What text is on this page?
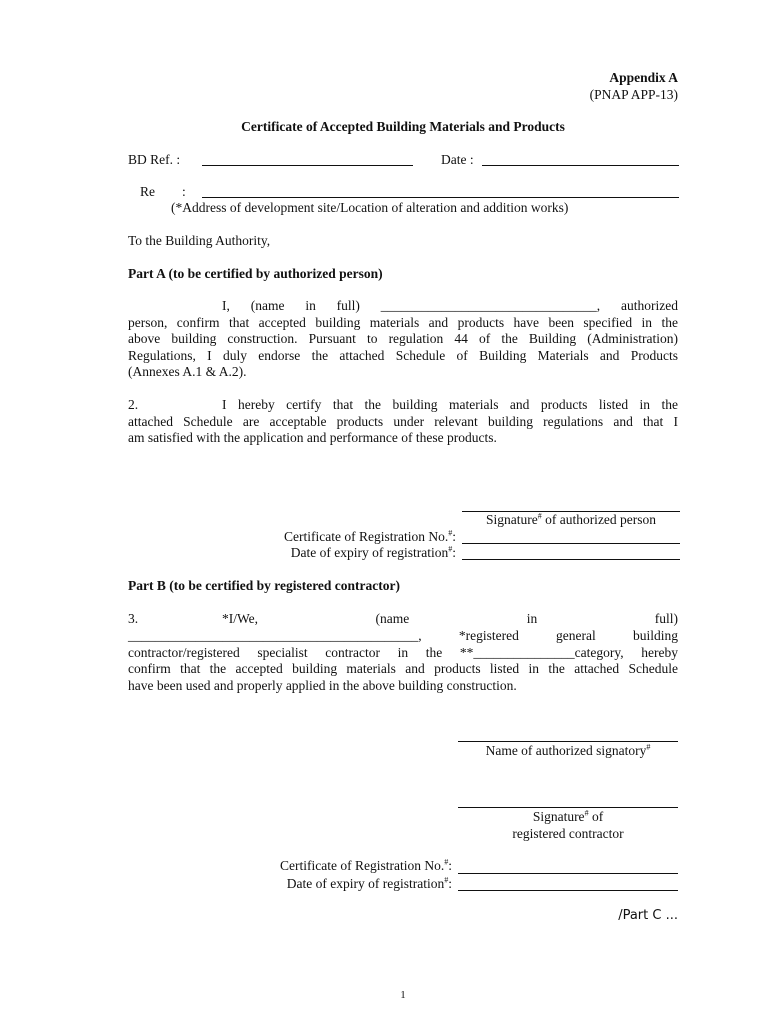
Appendix A
(PNAP APP-13)
Certificate of Accepted Building Materials and Products
BD Ref. :	Date :
Re :
(*Address of development site/Location of alteration and addition works)
To the Building Authority,
Part A (to be certified by authorized person)
I, (name in full) ________________________________, authorized
person, confirm that accepted building materials and products have been specified in the
above building construction. Pursuant to regulation 44 of the Building (Administration)
Regulations, I duly endorse the attached Schedule of Building Materials and Products
(Annexes A.1 & A.2).
2.	I hereby certify that the building materials and products listed in the
attached Schedule are acceptable products under relevant building regulations and that I
am satisfied with the application and performance of these products.
Signature# of authorized person
Certificate of Registration No.#:
Date of expiry of registration#:
Part B (to be certified by registered contractor)
3.	*I/We,	(name	in	full)
___________________________________________, *registered general building
contractor/registered specialist contractor in the **_______________category, hereby
confirm that the accepted building materials and products listed in the attached Schedule
have been used and properly applied in the above building construction.
Name of authorized signatory#
Signature# of
registered contractor
Certificate of Registration No.#:
Date of expiry of registration#:
/Part C ...
1
